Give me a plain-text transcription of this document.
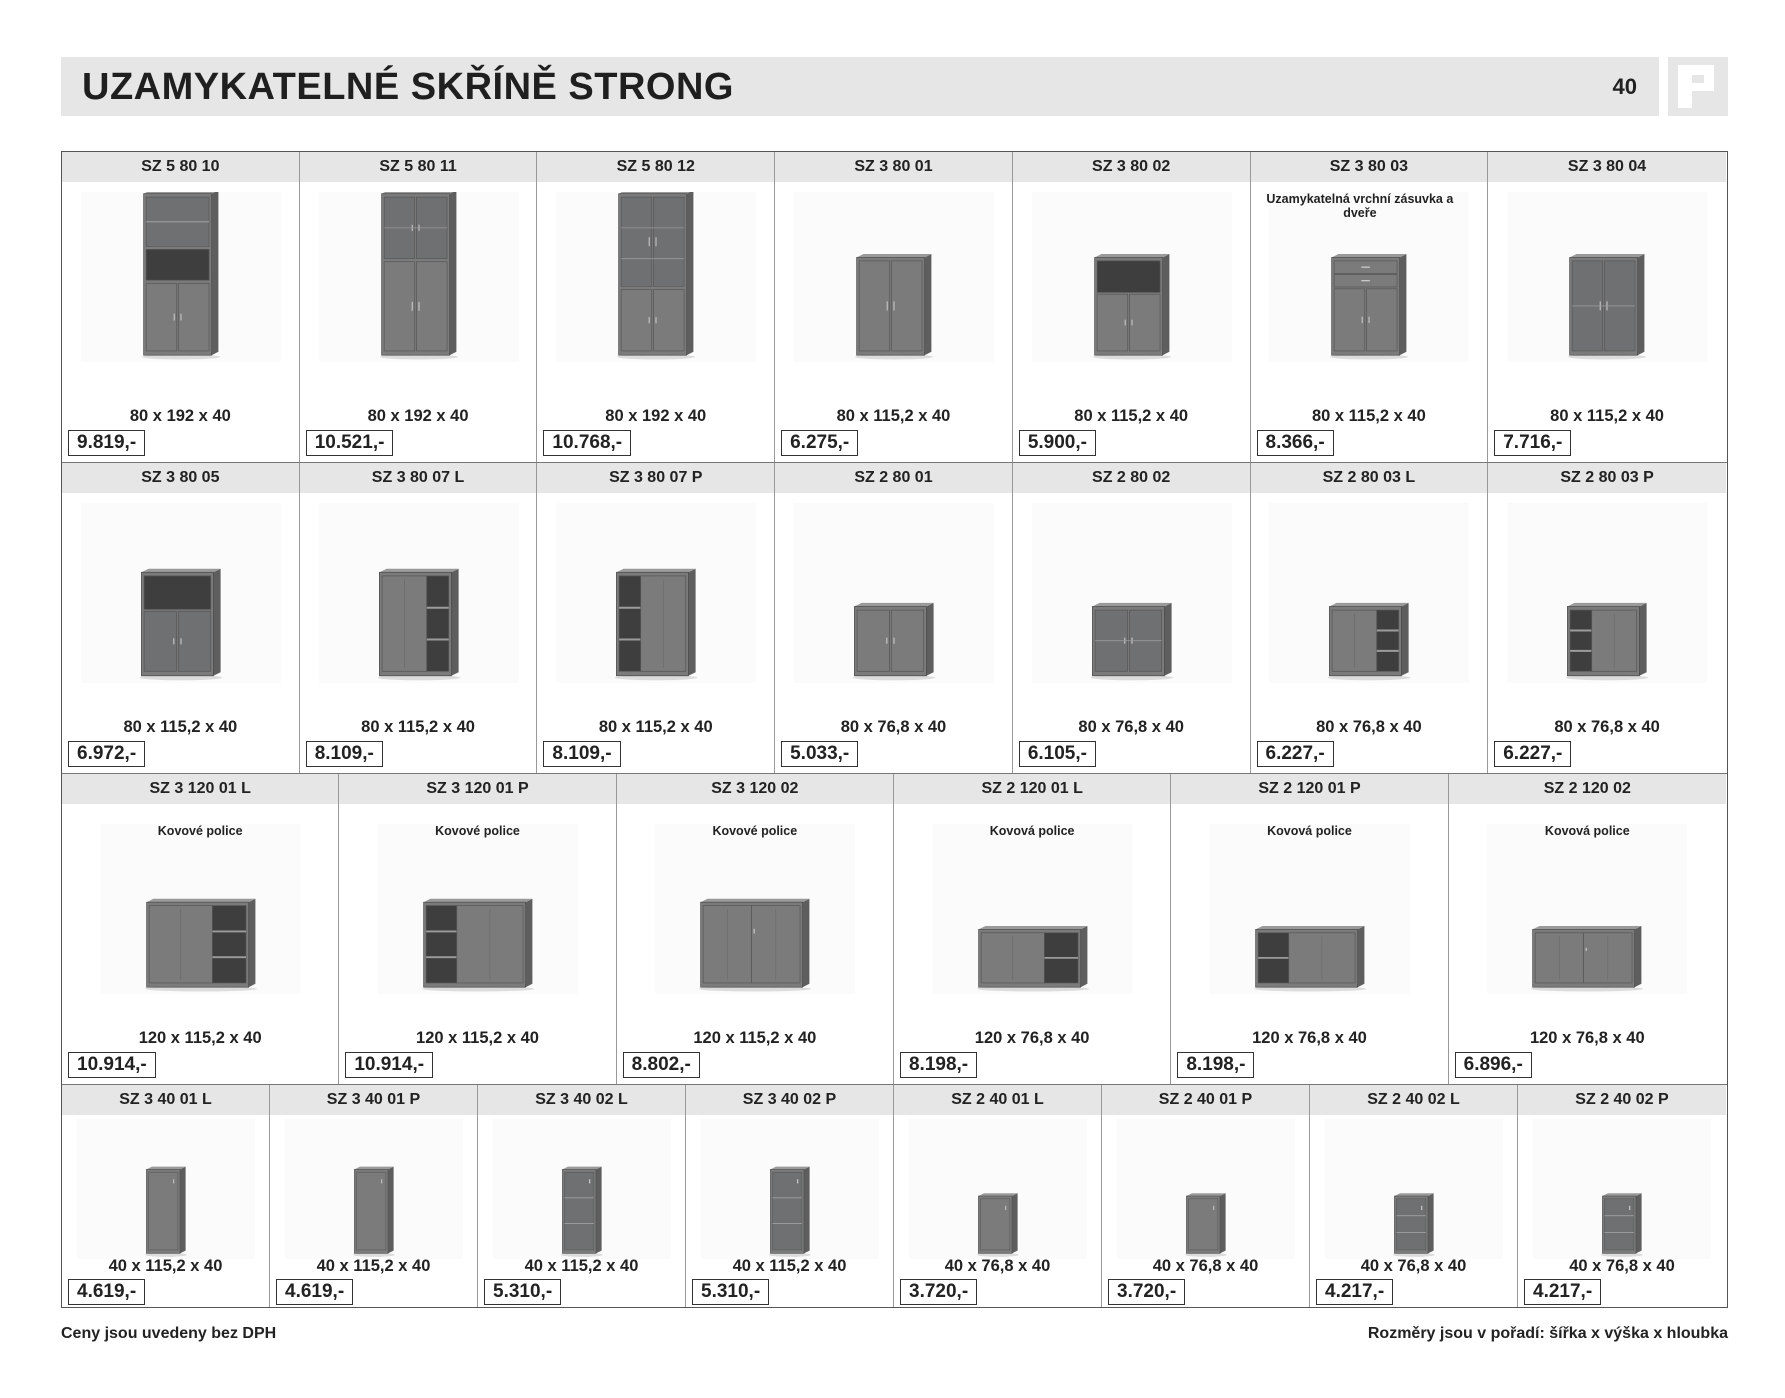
UZAMYKATELNÉ SKŘÍNĚ STRONG	40
SZ 5 80 10
80 x 192 x 40
9.819,-
SZ 5 80 11
80 x 192 x 40
10.521,-
SZ 5 80 12
80 x 192 x 40
10.768,-
SZ 3 80 01
80 x 115,2 x 40
6.275,-
SZ 3 80 02
80 x 115,2 x 40
5.900,-
SZ 3 80 03
Uzamykatelná vrchní zásuvka a dveře
80 x 115,2 x 40
8.366,-
SZ 3 80 04
80 x 115,2 x 40
7.716,-
SZ 3 80 05
80 x 115,2 x 40
6.972,-
SZ 3 80 07 L
80 x 115,2 x 40
8.109,-
SZ 3 80 07 P
80 x 115,2 x 40
8.109,-
SZ 2 80 01
80 x 76,8 x 40
5.033,-
SZ 2 80 02
80 x 76,8 x 40
6.105,-
SZ 2 80 03 L
80 x 76,8 x 40
6.227,-
SZ 2 80 03 P
80 x 76,8 x 40
6.227,-
SZ 3 120 01 L
Kovové police
120 x 115,2 x 40
10.914,-
SZ 3 120 01 P
Kovové police
120 x 115,2 x 40
10.914,-
SZ 3 120 02
Kovové police
120 x 115,2 x 40
8.802,-
SZ 2 120 01 L
Kovová police
120 x 76,8 x 40
8.198,-
SZ 2 120 01 P
Kovová police
120 x 76,8 x 40
8.198,-
SZ 2 120 02
Kovová police
120 x 76,8 x 40
6.896,-
SZ 3 40 01 L
40 x 115,2 x 40
4.619,-
SZ 3 40 01 P
40 x 115,2 x 40
4.619,-
SZ 3 40 02 L
40 x 115,2 x 40
5.310,-
SZ 3 40 02 P
40 x 115,2 x 40
5.310,-
SZ 2 40 01 L
40 x 76,8 x 40
3.720,-
SZ 2 40 01 P
40 x 76,8 x 40
3.720,-
SZ 2 40 02 L
40 x 76,8 x 40
4.217,-
SZ 2 40 02 P
40 x 76,8 x 40
4.217,-
Ceny jsou uvedeny bez DPH	Rozměry jsou v pořadí: šířka x výška x hloubka
